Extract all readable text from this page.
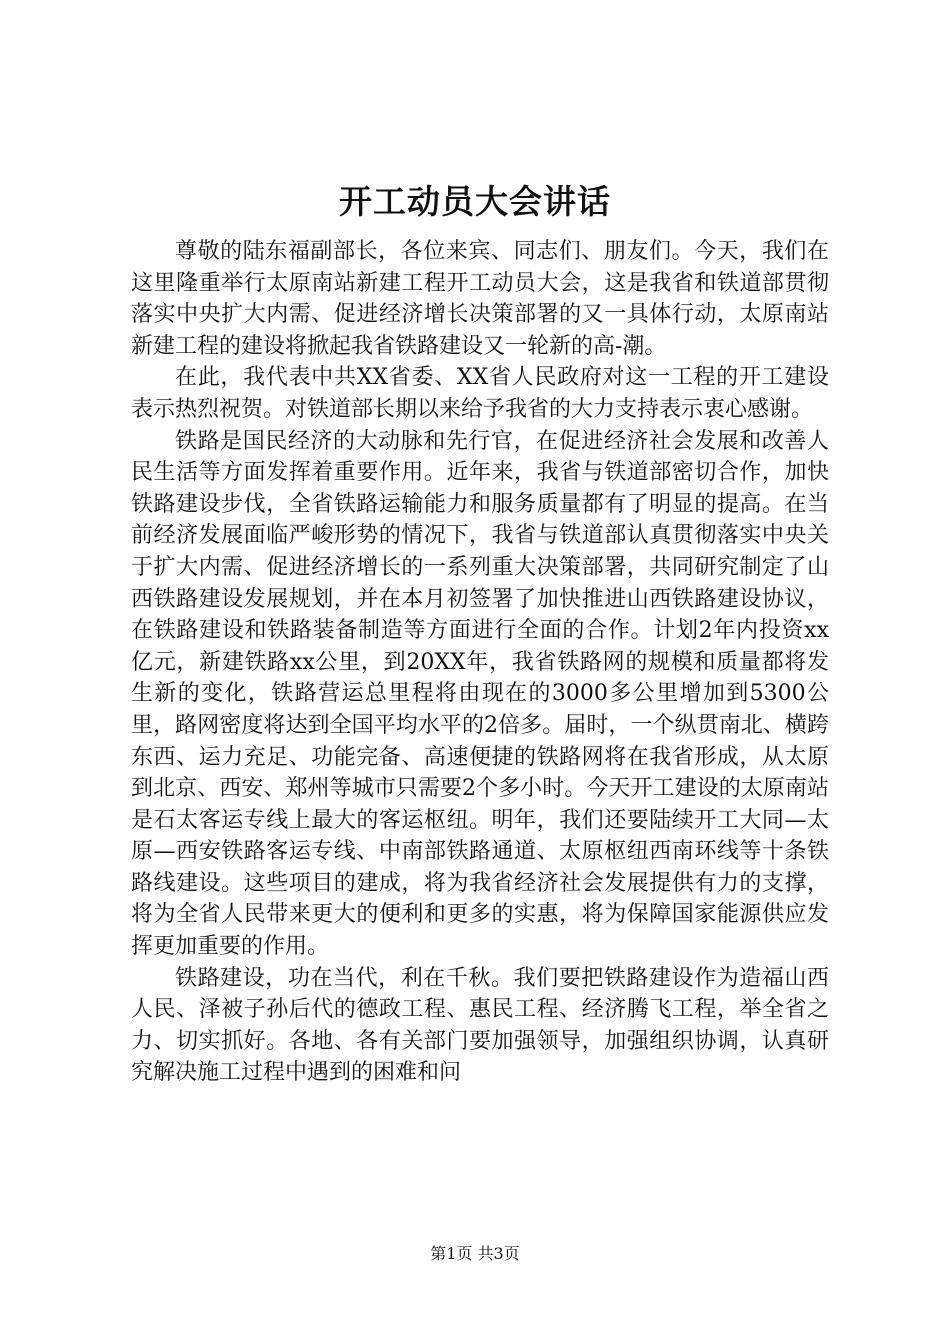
开工动员大会讲话

尊敬的陆东福副部长，各位来宾、同志们、朋友们。今天，我们在这里隆重举行太原南站新建工程开工动员大会，这是我省和铁道部贯彻落实中央扩大内需、促进经济增长决策部署的又一具体行动，太原南站新建工程的建设将掀起我省铁路建设又一轮新的高-潮。

在此，我代表中共XX省委、XX省人民政府对这一工程的开工建设表示热烈祝贺。对铁道部长期以来给予我省的大力支持表示衷心感谢。

铁路是国民经济的大动脉和先行官，在促进经济社会发展和改善人民生活等方面发挥着重要作用。近年来，我省与铁道部密切合作，加快铁路建设步伐，全省铁路运输能力和服务质量都有了明显的提高。在当前经济发展面临严峻形势的情况下，我省与铁道部认真贯彻落实中央关于扩大内需、促进经济增长的一系列重大决策部署，共同研究制定了山西铁路建设发展规划，并在本月初签署了加快推进山西铁路建设协议，在铁路建设和铁路装备制造等方面进行全面的合作。计划2年内投资xx亿元，新建铁路xx公里，到20XX年，我省铁路网的规模和质量都将发生新的变化，铁路营运总里程将由现在的3000多公里增加到5300公里，路网密度将达到全国平均水平的2倍多。届时，一个纵贯南北、横跨东西、运力充足、功能完备、高速便捷的铁路网将在我省形成，从太原到北京、西安、郑州等城市只需要2个多小时。今天开工建设的太原南站是石太客运专线上最大的客运枢纽。明年，我们还要陆续开工大同—太原—西安铁路客运专线、中南部铁路通道、太原枢纽西南环线等十条铁路线建设。这些项目的建成，将为我省经济社会发展提供有力的支撑，将为全省人民带来更大的便利和更多的实惠，将为保障国家能源供应发挥更加重要的作用。

铁路建设，功在当代，利在千秋。我们要把铁路建设作为造福山西人民、泽被子孙后代的德政工程、惠民工程、经济腾飞工程，举全省之力、切实抓好。各地、各有关部门要加强领导，加强组织协调，认真研究解决施工过程中遇到的困难和问

第1页 共3页
